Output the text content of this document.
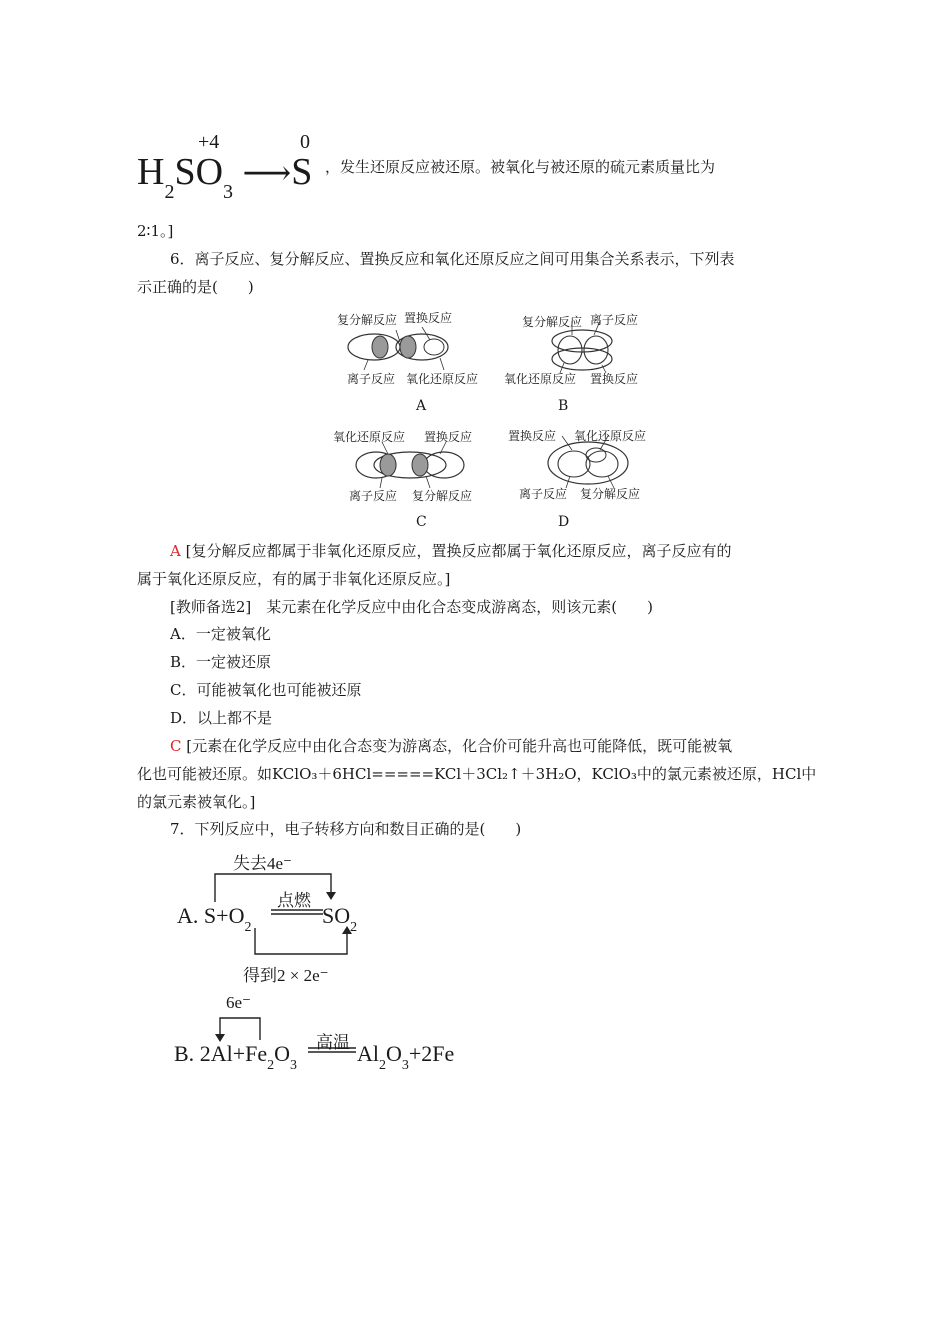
+4	0
$H_2SO_3$ ⟶S ，发生还原反应被还原。被氧化与被还原的硫元素质量比为
2∶1。]
6．离子反应、复分解反应、置换反应和氧化还原反应之间可用集合关系表示，下列表
示正确的是(　　)
复分解反应 置换反应
离子反应 氧化还原反应
A
复分解反应 离子反应
氧化还原反应 置换反应
B
氧化还原反应 置换反应
离子反应 复分解反应
C
置换反应 氧化还原反应
离子反应 复分解反应
D
A [复分解反应都属于非氧化还原反应，置换反应都属于氧化还原反应，离子反应有的
属于氧化还原反应，有的属于非氧化还原反应。]
[教师备选2]　某元素在化学反应中由化合态变成游离态，则该元素(　　)
A．一定被氧化
B．一定被还原
C．可能被氧化也可能被还原
D．以上都不是
C [元素在化学反应中由化合态变为游离态，化合价可能升高也可能降低，既可能被氧
化也可能被还原。如KClO₃＋6HCl=====KCl＋3Cl₂↑＋3H₂O，KClO₃中的氯元素被还原，HCl中
的氯元素被氧化。]
7．下列反应中，电子转移方向和数目正确的是(　　)
失去4e⁻
点燃
A. $S+O_2$	$SO_2$
得到2 × 2e⁻
6e⁻
高温
B. $2Al+Fe_2O_3$	$Al_2O_3+2Fe$
